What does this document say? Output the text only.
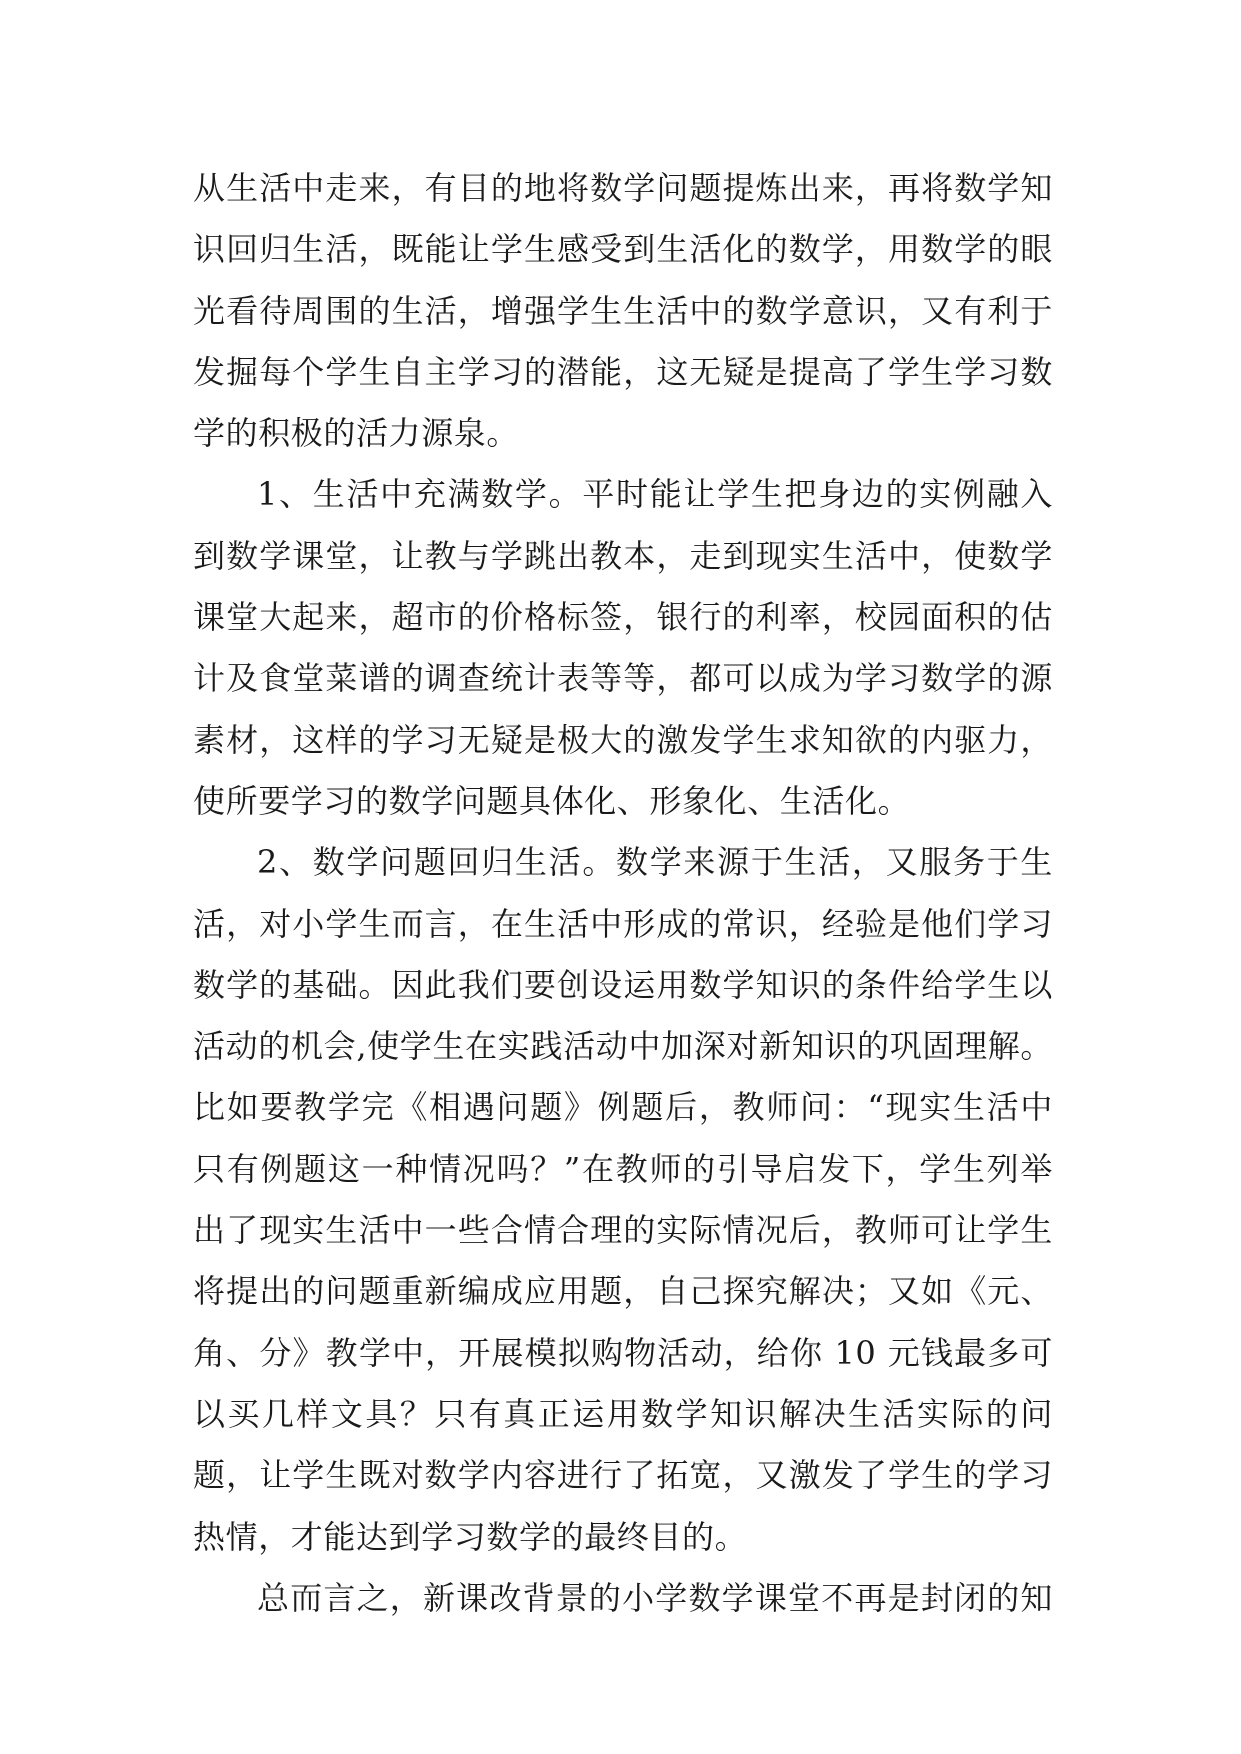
从生活中走来，有目的地将数学问题提炼出来，再将数学知
识回归生活，既能让学生感受到生活化的数学，用数学的眼
光看待周围的生活，增强学生生活中的数学意识，又有利于
发掘每个学生自主学习的潜能，这无疑是提高了学生学习数
学的积极的活力源泉。
1、生活中充满数学。平时能让学生把身边的实例融入
到数学课堂，让教与学跳出教本，走到现实生活中，使数学
课堂大起来，超市的价格标签，银行的利率，校园面积的估
计及食堂菜谱的调查统计表等等，都可以成为学习数学的源
素材，这样的学习无疑是极大的激发学生求知欲的内驱力，
使所要学习的数学问题具体化、形象化、生活化。
2、数学问题回归生活。数学来源于生活，又服务于生
活，对小学生而言，在生活中形成的常识，经验是他们学习
数学的基础。因此我们要创设运用数学知识的条件给学生以
活动的机会,使学生在实践活动中加深对新知识的巩固理解。
比如要教学完《相遇问题》例题后，教师问：“现实生活中
只有例题这一种情况吗？”在教师的引导启发下，学生列举
出了现实生活中一些合情合理的实际情况后，教师可让学生
将提出的问题重新编成应用题，自己探究解决；又如《元、
角、分》教学中，开展模拟购物活动，给你 10 元钱最多可
以买几样文具？只有真正运用数学知识解决生活实际的问
题，让学生既对数学内容进行了拓宽，又激发了学生的学习
热情，才能达到学习数学的最终目的。
总而言之，新课改背景的小学数学课堂不再是封闭的知
